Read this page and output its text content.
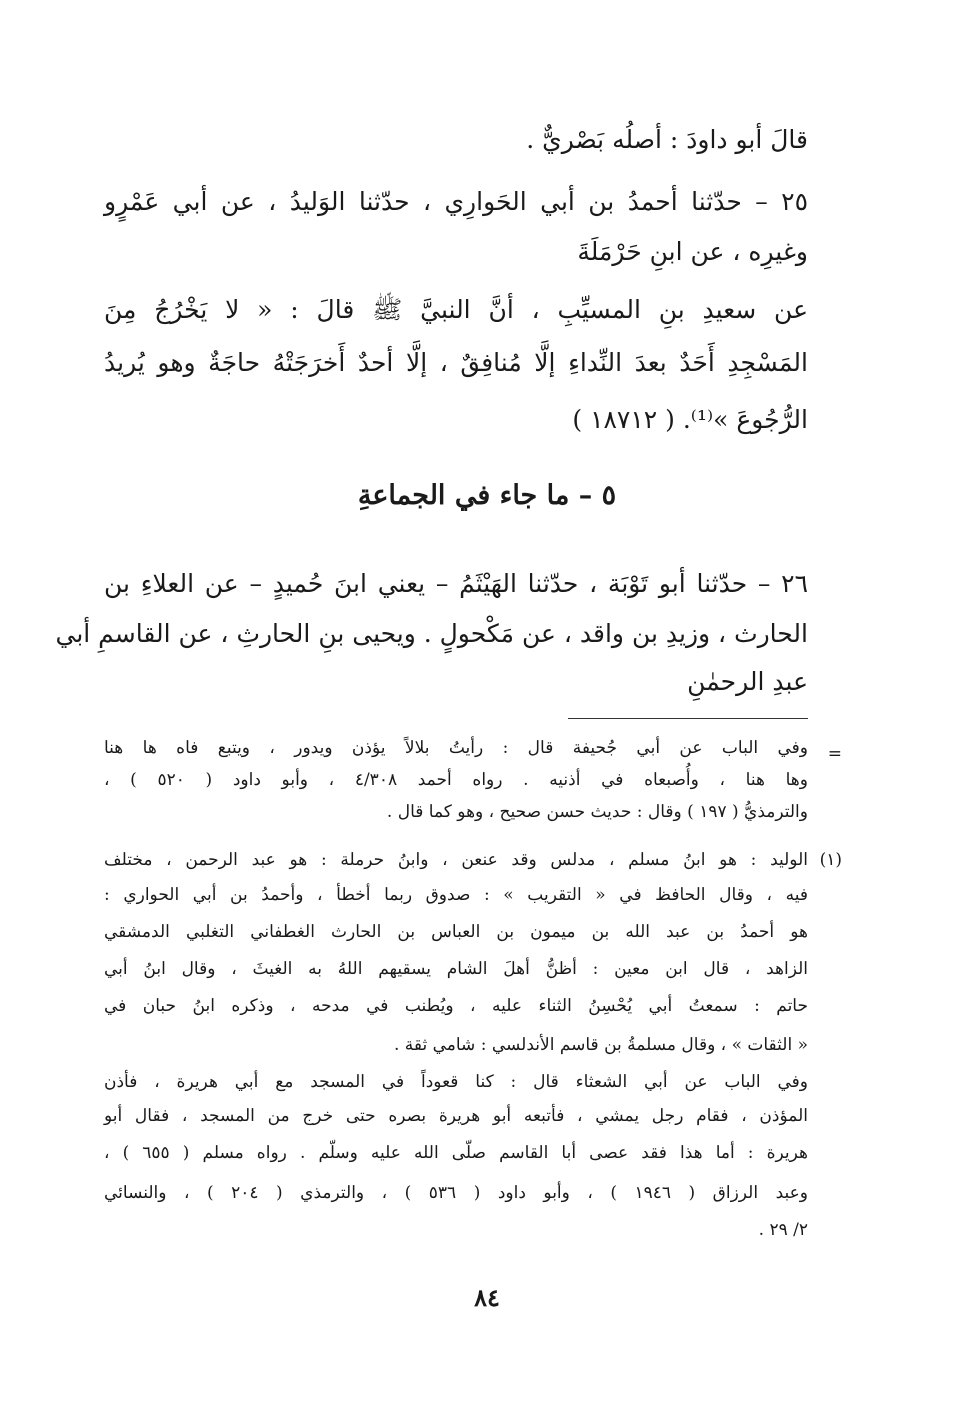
قالَ أبو داودَ : أصلُه بَصْريٌّ .
٢٥ – حدّثنا أحمدُ بن أبي الحَوارِي ، حدّثنا الوَليدُ ، عن أبي عَمْرٍو
وغيرِه ، عن ابنِ حَرْمَلَةَ
عن سعيدِ بنِ المسيِّبِ ، أنَّ النبيَّ ﷺ قالَ : « لا يَخْرُجُ مِنَ
المَسْجِدِ أَحَدٌ بعدَ النِّداءِ إلَّا مُنافِقٌ ، إلَّا أحدٌ أَخرَجَتْهُ حاجَةٌ وهو يُريدُ
الرُّجُوعَ »⁽¹⁾. ( ١٨٧١٢ )
٥ – ما جاء في الجماعةِ
٢٦ – حدّثنا أبو تَوْبَة ، حدّثنا الهَيْثَمُ – يعني ابنَ حُميدٍ – عن العلاءِ بن
الحارث ، وزيدِ بن واقد ، عن مَكْحولٍ . ويحيى بنِ الحارثِ ، عن القاسمِ أبي
عبدِ الرحمٰنِ
=
وفي الباب عن أبي جُحيفة قال : رأيتُ بلالاً يؤذن ويدور ، ويتبع فاه ها هنا
وها هنا ، وأُصبعاه في أذنيه . رواه أحمد ٤/٣٠٨ ، وأبو داود ( ٥٢٠ ) ،
والترمذيُّ ( ١٩٧ ) وقال : حديث حسن صحيح ، وهو كما قال .
(١)
الوليد : هو ابنُ مسلم ، مدلس وقد عنعن ، وابنُ حرملة : هو عبد الرحمن ، مختلف
فيه ، وقال الحافظ في « التقريب » : صدوق ربما أخطأ ، وأحمدُ بن أبي الحواري :
هو أحمدُ بن عبد الله بن ميمون بن العباس بن الحارث الغطفاني التغلبي الدمشقي
الزاهد ، قال ابن معين : أظنُّ أهلَ الشام يسقيهم اللهُ به الغيثَ ، وقال ابنُ أبي
حاتم : سمعتُ أبي يُحْسِنُ الثناء عليه ، ويُطنب في مدحه ، وذكره ابنُ حبان في
« الثقات » ، وقال مسلمةُ بن قاسم الأندلسي : شامي ثقة .
وفي الباب عن أبي الشعثاء قال : كنا قعوداً في المسجد مع أبي هريرة ، فأذن
المؤذن ، فقام رجل يمشي ، فأتبعه أبو هريرة بصره حتى خرج من المسجد ، فقال أبو
هريرة : أما هذا فقد عصى أبا القاسم صلّى الله عليه وسلّم . رواه مسلم ( ٦٥٥ ) ،
وعبد الرزاق ( ١٩٤٦ ) ، وأبو داود ( ٥٣٦ ) ، والترمذي ( ٢٠٤ ) ، والنسائي
٢/ ٢٩ .
٨٤
